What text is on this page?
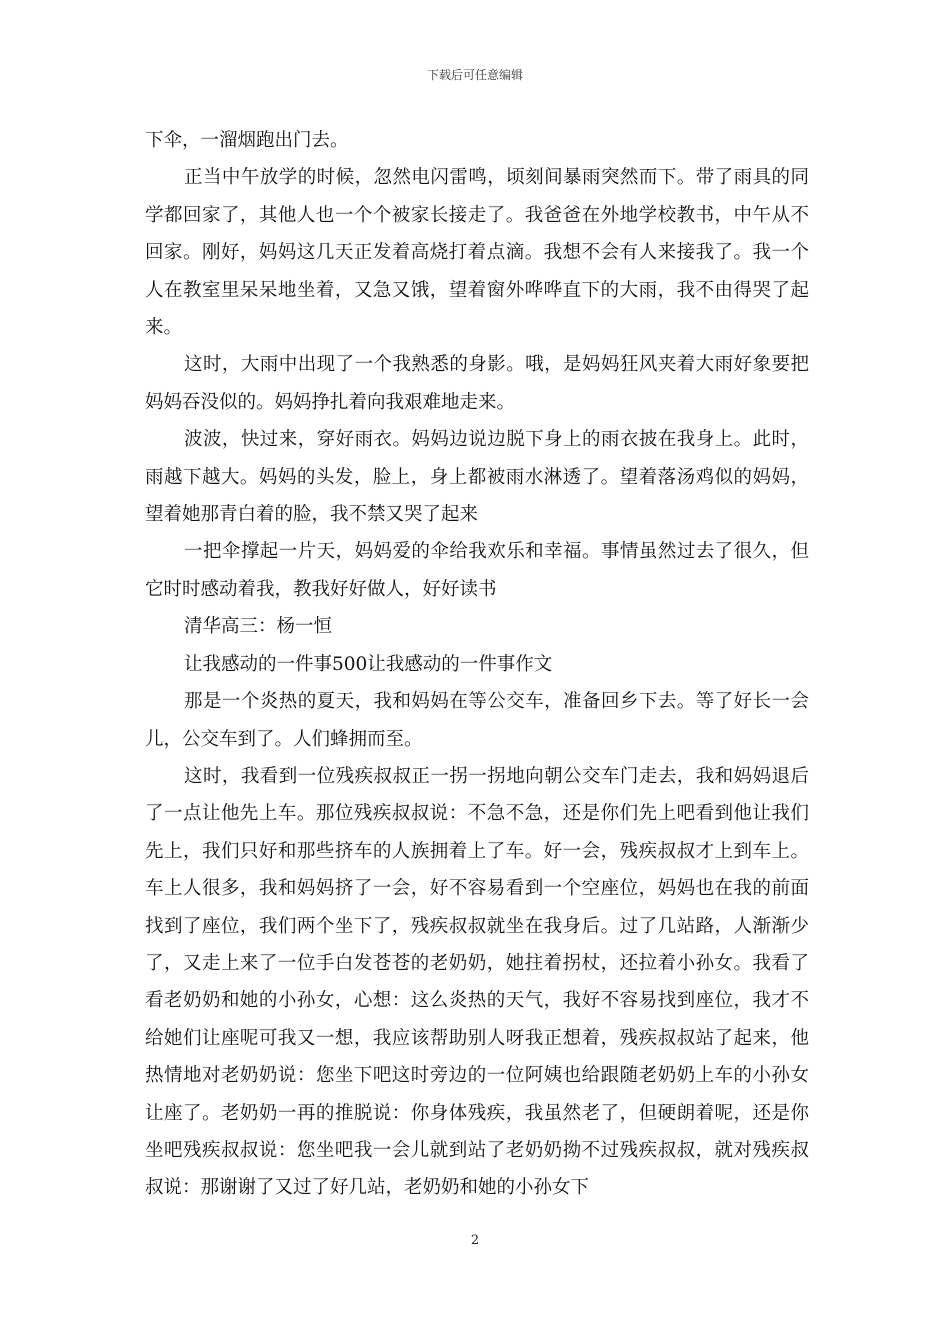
下载后可任意编辑

下伞，一溜烟跑出门去。

正当中午放学的时候，忽然电闪雷鸣，顷刻间暴雨突然而下。带了雨具的同学都回家了，其他人也一个个被家长接走了。我爸爸在外地学校教书，中午从不回家。刚好，妈妈这几天正发着高烧打着点滴。我想不会有人来接我了。我一个人在教室里呆呆地坐着，又急又饿，望着窗外哗哗直下的大雨，我不由得哭了起来。

这时，大雨中出现了一个我熟悉的身影。哦，是妈妈狂风夹着大雨好象要把妈妈吞没似的。妈妈挣扎着向我艰难地走来。

波波，快过来，穿好雨衣。妈妈边说边脱下身上的雨衣披在我身上。此时，雨越下越大。妈妈的头发，脸上，身上都被雨水淋透了。望着落汤鸡似的妈妈，望着她那青白着的脸，我不禁又哭了起来

一把伞撑起一片天，妈妈爱的伞给我欢乐和幸福。事情虽然过去了很久，但它时时感动着我，教我好好做人，好好读书

清华高三：杨一恒

让我感动的一件事500让我感动的一件事作文

那是一个炎热的夏天，我和妈妈在等公交车，准备回乡下去。等了好长一会儿，公交车到了。人们蜂拥而至。

这时，我看到一位残疾叔叔正一拐一拐地向朝公交车门走去，我和妈妈退后了一点让他先上车。那位残疾叔叔说：不急不急，还是你们先上吧看到他让我们先上，我们只好和那些挤车的人族拥着上了车。好一会，残疾叔叔才上到车上。车上人很多，我和妈妈挤了一会，好不容易看到一个空座位，妈妈也在我的前面找到了座位，我们两个坐下了，残疾叔叔就坐在我身后。过了几站路，人渐渐少了，又走上来了一位手白发苍苍的老奶奶，她拄着拐杖，还拉着小孙女。我看了看老奶奶和她的小孙女，心想：这么炎热的天气，我好不容易找到座位，我才不给她们让座呢可我又一想，我应该帮助别人呀我正想着，残疾叔叔站了起来，他热情地对老奶奶说：您坐下吧这时旁边的一位阿姨也给跟随老奶奶上车的小孙女让座了。老奶奶一再的推脱说：你身体残疾，我虽然老了，但硬朗着呢，还是你坐吧残疾叔叔说：您坐吧我一会儿就到站了老奶奶拗不过残疾叔叔，就对残疾叔叔说：那谢谢了又过了好几站，老奶奶和她的小孙女下

2
